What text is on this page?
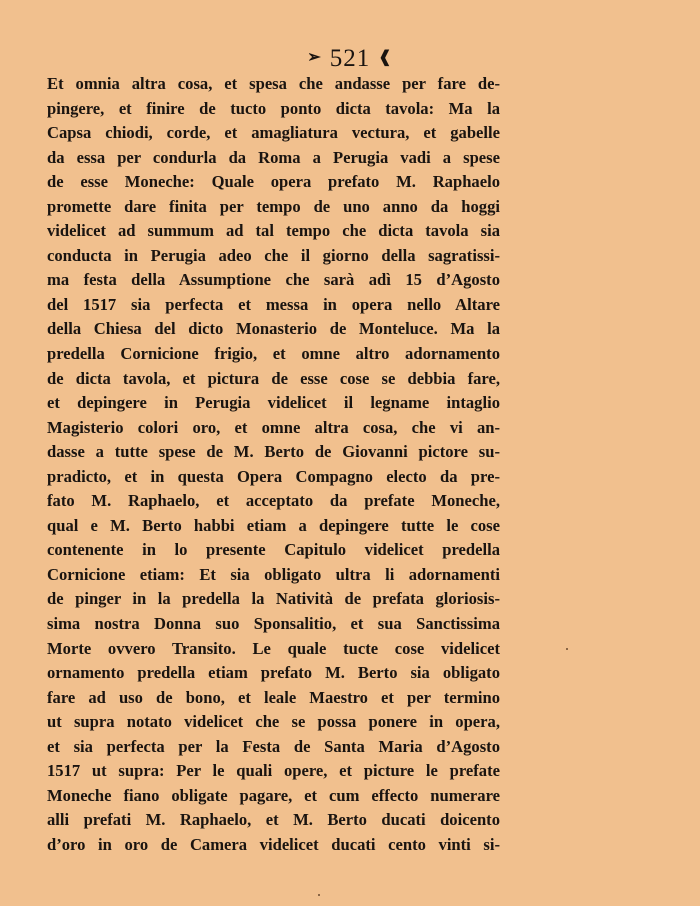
➢ 521 ❰
Et omnia altra cosa, et spesa che andasse per fare de-
pingere, et finire de tucto ponto dicta tavola: Ma la
Capsa chiodi, corde, et amagliatura vectura, et gabelle
da essa per condurla da Roma a Perugia vadi a spese
de esse Moneche: Quale opera prefato M. Raphaelo
promette dare finita per tempo de uno anno da hoggi
videlicet ad summum ad tal tempo che dicta tavola sia
conducta in Perugia adeo che il giorno della sagratissi-
ma festa della Assumptione che sarà adì 15 d’Agosto
del 1517 sia perfecta et messa in opera nello Altare
della Chiesa del dicto Monasterio de Monteluce. Ma la
predella Cornicione frigio, et omne altro adornamento
de dicta tavola, et pictura de esse cose se debbia fare,
et depingere in Perugia videlicet il legname intaglio
Magisterio colori oro, et omne altra cosa, che vi an-
dasse a tutte spese de M. Berto de Giovanni pictore su-
pradicto, et in questa Opera Compagno electo da pre-
fato M. Raphaelo, et acceptato da prefate Moneche,
qual e M. Berto habbi etiam a depingere tutte le cose
contenente in lo presente Capitulo videlicet predella
Cornicione etiam: Et sia obligato ultra li adornamenti
de pinger in la predella la Natività de prefata gloriosis-
sima nostra Donna suo Sponsalitio, et sua Sanctissima
Morte ovvero Transito. Le quale tucte cose videlicet
ornamento predella etiam prefato M. Berto sia obligato
fare ad uso de bono, et leale Maestro et per termino
ut supra notato videlicet che se possa ponere in opera,
et sia perfecta per la Festa de Santa Maria d’Agosto
1517 ut supra: Per le quali opere, et picture le prefate
Moneche fiano obligate pagare, et cum effecto numerare
alli prefati M. Raphaelo, et M. Berto ducati doicento
d’oro in oro de Camera videlicet ducati cento vinti si-
